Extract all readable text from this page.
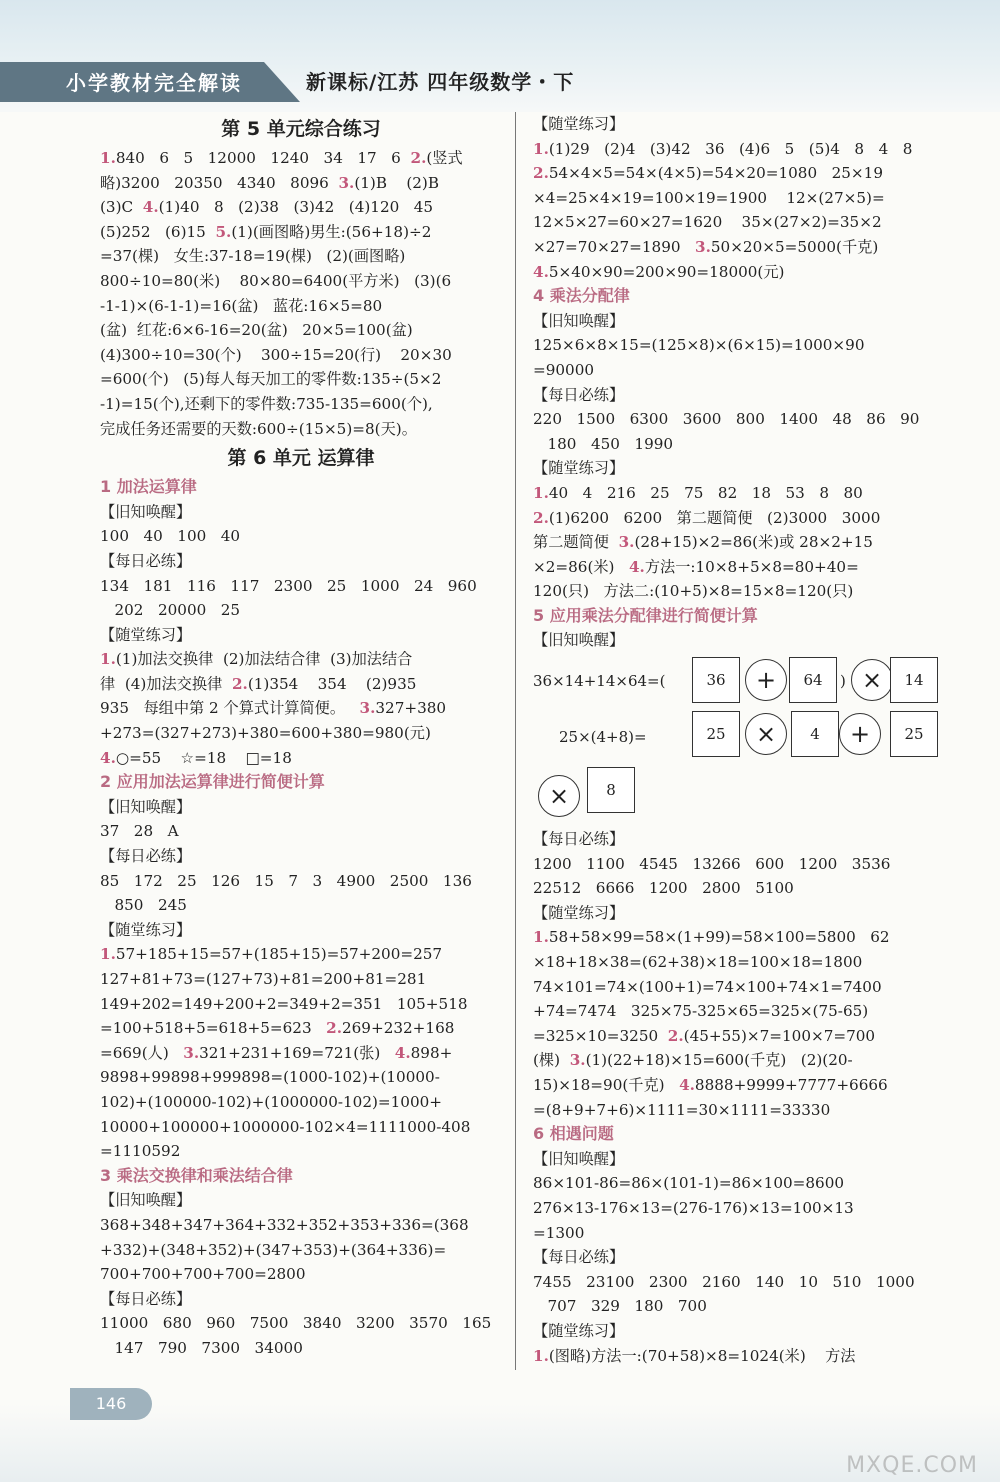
小学教材完全解读	新课标/江苏 四年级数学・下
第 5 单元综合练习
1.840   6   5   12000   1240   34   17   6  2.(竖式
略)3200   20350   4340   8096  3.(1)B    (2)B
(3)C  4.(1)40   8   (2)38   (3)42   (4)120   45
(5)252   (6)15  5.(1)(画图略)男生:(56+18)÷2
=37(棵)   女生:37-18=19(棵)   (2)(画图略)
800÷10=80(米)    80×80=6400(平方米)   (3)(6
-1-1)×(6-1-1)=16(盆)   蓝花:16×5=80
(盆)  红花:6×6-16=20(盆)   20×5=100(盆)
(4)300÷10=30(个)    300÷15=20(行)    20×30
=600(个)   (5)每人每天加工的零件数:135÷(5×2
-1)=15(个),还剩下的零件数:735-135=600(个),
完成任务还需要的天数:600÷(15×5)=8(天)。
第 6 单元 运算律
1 加法运算律
【旧知唤醒】
100   40   100   40
【每日必练】
134   181   116   117   2300   25   1000   24   960
202   20000   25
【随堂练习】
1.(1)加法交换律  (2)加法结合律  (3)加法结合
律  (4)加法交换律  2.(1)354    354    (2)935
935   每组中第 2 个算式计算简便。   3.327+380
+273=(327+273)+380=600+380=980(元)
4.○=55    ☆=18    □=18
2 应用加法运算律进行简便计算
【旧知唤醒】
37   28   A
【每日必练】
85   172   25   126   15   7   3   4900   2500   136
850   245
【随堂练习】
1.57+185+15=57+(185+15)=57+200=257
127+81+73=(127+73)+81=200+81=281
149+202=149+200+2=349+2=351   105+518
=100+518+5=618+5=623   2.269+232+168
=669(人)   3.321+231+169=721(张)   4.898+
9898+99898+999898=(1000-102)+(10000-
102)+(100000-102)+(1000000-102)=1000+
10000+100000+1000000-102×4=1111000-408
=1110592
3 乘法交换律和乘法结合律
【旧知唤醒】
368+348+347+364+332+352+353+336=(368
+332)+(348+352)+(347+353)+(364+336)=
700+700+700+700=2800
【每日必练】
11000   680   960   7500   3840   3200   3570   165
147   790   7300   34000
【随堂练习】
1.(1)29   (2)4   (3)42   36   (4)6   5   (5)4   8   4   8
2.54×4×5=54×(4×5)=54×20=1080   25×19
×4=25×4×19=100×19=1900    12×(27×5)=
12×5×27=60×27=1620    35×(27×2)=35×2
×27=70×27=1890   3.50×20×5=5000(千克)
4.5×40×90=200×90=18000(元)
4 乘法分配律
【旧知唤醒】
125×6×8×15=(125×8)×(6×15)=1000×90
=90000
【每日必练】
220   1500   6300   3600   800   1400   48   86   90
180   450   1990
【随堂练习】
1.40   4   216   25   75   82   18   53   8   80
2.(1)6200   6200   第二题简便   (2)3000   3000
第二题简便  3.(28+15)×2=86(米)或 28×2+15
×2=86(米)   4.方法一:10×8+5×8=80+40=
120(只)   方法二:(10+5)×8=15×8=120(只)
5 应用乘法分配律进行简便计算
【旧知唤醒】
36×14+14×64=(	36	+	64	) ×	14
25×(4+8)=	25	×	4	+	25
×	8
【每日必练】
1200   1100   4545   13266   600   1200   3536
22512   6666   1200   2800   5100
【随堂练习】
1.58+58×99=58×(1+99)=58×100=5800   62
×18+18×38=(62+38)×18=100×18=1800
74×101=74×(100+1)=74×100+74×1=7400
+74=7474   325×75-325×65=325×(75-65)
=325×10=3250  2.(45+55)×7=100×7=700
(棵)  3.(1)(22+18)×15=600(千克)   (2)(20-
15)×18=90(千克)   4.8888+9999+7777+6666
=(8+9+7+6)×1111=30×1111=33330
6 相遇问题
【旧知唤醒】
86×101-86=86×(101-1)=86×100=8600
276×13-176×13=(276-176)×13=100×13
=1300
【每日必练】
7455   23100   2300   2160   140   10   510   1000
707   329   180   700
【随堂练习】
1.(图略)方法一:(70+58)×8=1024(米)    方法
146
MXQE.COM
